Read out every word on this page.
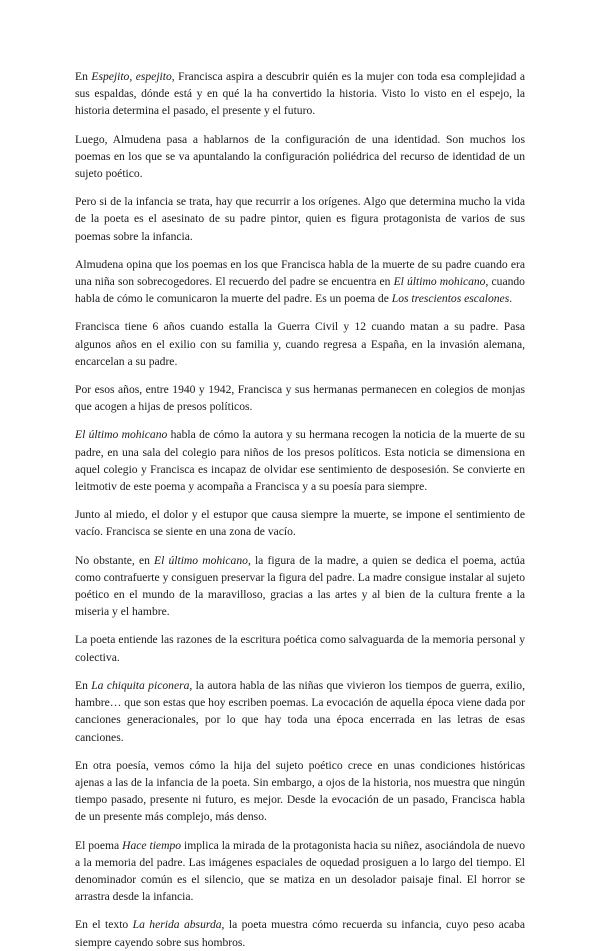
En Espejito, espejito, Francisca aspira a descubrir quién es la mujer con toda esa complejidad a sus espaldas, dónde está y en qué la ha convertido la historia. Visto lo visto en el espejo, la historia determina el pasado, el presente y el futuro.

Luego, Almudena pasa a hablarnos de la configuración de una identidad. Son muchos los poemas en los que se va apuntalando la configuración poliédrica del recurso de identidad de un sujeto poético.

Pero si de la infancia se trata, hay que recurrir a los orígenes. Algo que determina mucho la vida de la poeta es el asesinato de su padre pintor, quien es figura protagonista de varios de sus poemas sobre la infancia.

Almudena opina que los poemas en los que Francisca habla de la muerte de su padre cuando era una niña son sobrecogedores. El recuerdo del padre se encuentra en El último mohicano, cuando habla de cómo le comunicaron la muerte del padre. Es un poema de Los trescientos escalones.

Francisca tiene 6 años cuando estalla la Guerra Civil y 12 cuando matan a su padre. Pasa algunos años en el exilio con su familia y, cuando regresa a España, en la invasión alemana, encarcelan a su padre.

Por esos años, entre 1940 y 1942, Francisca y sus hermanas permanecen en colegios de monjas que acogen a hijas de presos políticos.

El último mohicano habla de cómo la autora y su hermana recogen la noticia de la muerte de su padre, en una sala del colegio para niños de los presos políticos. Esta noticia se dimensiona en aquel colegio y Francisca es incapaz de olvidar ese sentimiento de desposesión. Se convierte en leitmotiv de este poema y acompaña a Francisca y a su poesía para siempre.

Junto al miedo, el dolor y el estupor que causa siempre la muerte, se impone el sentimiento de vacío. Francisca se siente en una zona de vacío.

No obstante, en El último mohicano, la figura de la madre, a quien se dedica el poema, actúa como contrafuerte y consiguen preservar la figura del padre. La madre consigue instalar al sujeto poético en el mundo de la maravilloso, gracias a las artes y al bien de la cultura frente a la miseria y el hambre.

La poeta entiende las razones de la escritura poética como salvaguarda de la memoria personal y colectiva.

En La chiquita piconera, la autora habla de las niñas que vivieron los tiempos de guerra, exilio, hambre… que son estas que hoy escriben poemas. La evocación de aquella época viene dada por canciones generacionales, por lo que hay toda una época encerrada en las letras de esas canciones.

En otra poesía, vemos cómo la hija del sujeto poético crece en unas condiciones históricas ajenas a las de la infancia de la poeta. Sin embargo, a ojos de la historia, nos muestra que ningún tiempo pasado, presente ni futuro, es mejor. Desde la evocación de un pasado, Francisca habla de un presente más complejo, más denso.

El poema Hace tiempo implica la mirada de la protagonista hacia su niñez, asociándola de nuevo a la memoria del padre. Las imágenes espaciales de oquedad prosiguen a lo largo del tiempo. El denominador común es el silencio, que se matiza en un desolador paisaje final. El horror se arrastra desde la infancia.

En el texto La herida absurda, la poeta muestra cómo recuerda su infancia, cuyo peso acaba siempre cayendo sobre sus hombros.
